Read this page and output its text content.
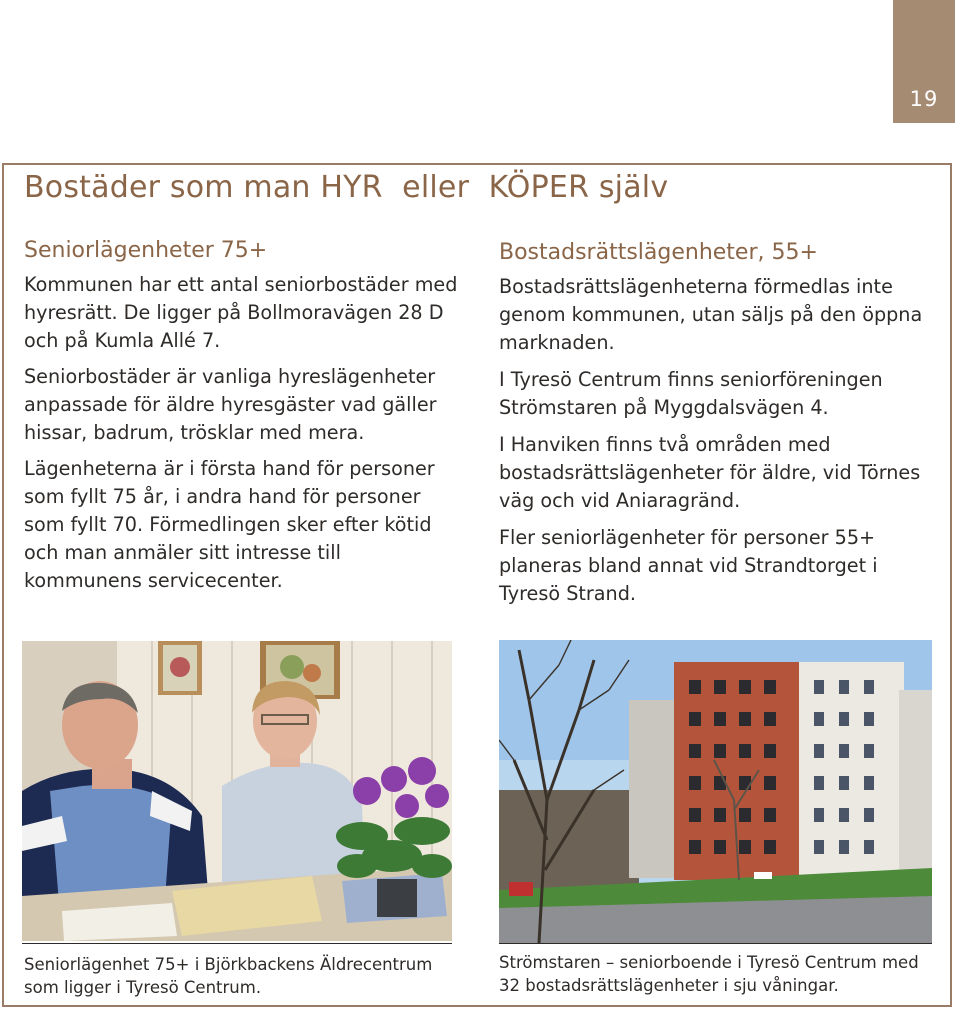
19
Bostäder som man HYR  eller  KÖPER själv
Seniorlägenheter 75+

Kommunen har ett antal seniorbostäder med hyresrätt. De ligger på Bollmoravägen 28 D och på Kumla Allé 7.

Seniorbostäder är vanliga hyreslägenheter anpassade för äldre hyresgäster vad gäller hissar, badrum, trösklar med mera.

Lägenheterna är i första hand för personer som fyllt 75 år, i andra hand för personer som fyllt 70. Förmedlingen sker efter kötid och man anmäler sitt intresse till kommunens servicecenter.

Bostadsrättslägenheter, 55+

Bostadsrättslägenheterna förmedlas inte genom kommunen, utan säljs på den öppna marknaden.

I Tyresö Centrum finns seniorföreningen Strömstaren på Myggdalsvägen 4.

I Hanviken finns två områden med bostadsrättslägenheter för äldre, vid Törnes väg och vid Aniaragränd.

Fler seniorlägenheter för personer 55+ planeras bland annat vid Strandtorget i Tyresö Strand.

Seniorlägenhet 75+ i Björkbackens Äldrecentrum som ligger i Tyresö Centrum.
Strömstaren – seniorboende i Tyresö Centrum med 32 bostadsrättslägenheter i sju våningar.
